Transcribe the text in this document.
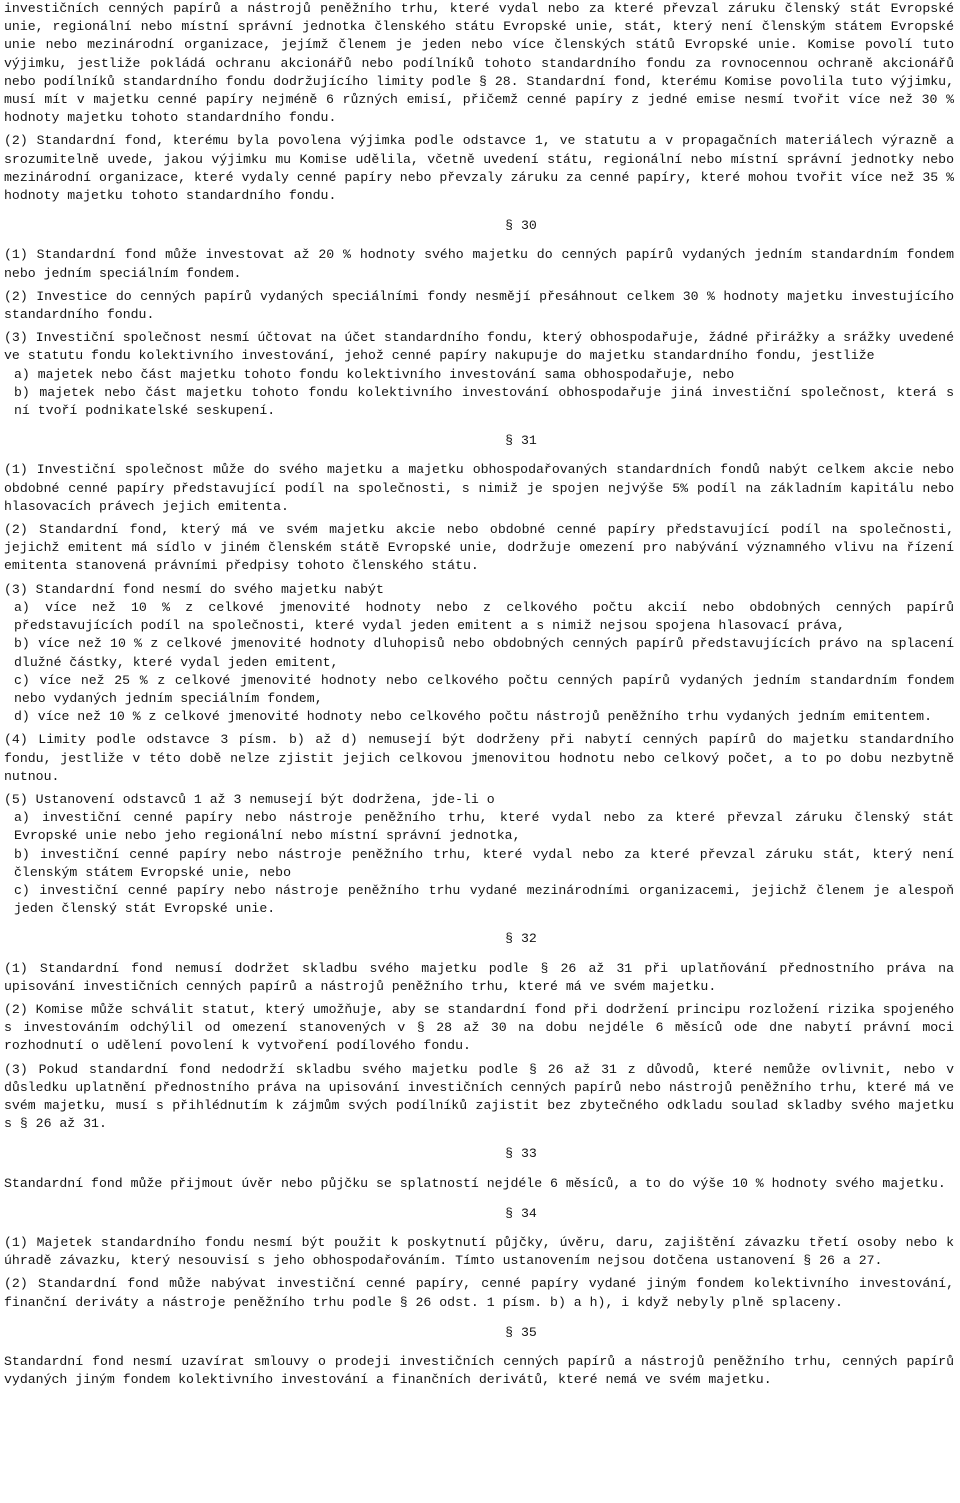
investičních cenných papírů a nástrojů peněžního trhu, které vydal nebo za které převzal záruku členský stát Evropské unie, regionální nebo místní správní jednotka členského státu Evropské unie, stát, který není členským státem Evropské unie nebo mezinárodní organizace, jejímž členem je jeden nebo více členských států Evropské unie. Komise povolí tuto výjimku, jestliže pokládá ochranu akcionářů nebo podílníků tohoto standardního fondu za rovnocennou ochraně akcionářů nebo podílníků standardního fondu dodržujícího limity podle § 28. Standardní fond, kterému Komise povolila tuto výjimku, musí mít v majetku cenné papíry nejméně 6 různých emisí, přičemž cenné papíry z jedné emise nesmí tvořit více než 30 % hodnoty majetku tohoto standardního fondu.

(2) Standardní fond, kterému byla povolena výjimka podle odstavce 1, ve statutu a v propagačních materiálech výrazně a srozumitelně uvede, jakou výjimku mu Komise udělila, včetně uvedení státu, regionální nebo místní správní jednotky nebo mezinárodní organizace, které vydaly cenné papíry nebo převzaly záruku za cenné papíry, které mohou tvořit více než 35 % hodnoty majetku tohoto standardního fondu.

§ 30

(1) Standardní fond může investovat až 20 % hodnoty svého majetku do cenných papírů vydaných jedním standardním fondem nebo jedním speciálním fondem.

(2) Investice do cenných papírů vydaných speciálními fondy nesmějí přesáhnout celkem 30 % hodnoty majetku investujícího standardního fondu.

(3) Investiční společnost nesmí účtovat na účet standardního fondu, který obhospodařuje, žádné přirážky a srážky uvedené ve statutu fondu kolektivního investování, jehož cenné papíry nakupuje do majetku standardního fondu, jestliže

a) majetek nebo část majetku tohoto fondu kolektivního investování sama obhospodařuje, nebo

b) majetek nebo část majetku tohoto fondu kolektivního investování obhospodařuje jiná investiční společnost, která s ní tvoří podnikatelské seskupení.

§ 31

(1) Investiční společnost může do svého majetku a majetku obhospodařovaných standardních fondů nabýt celkem akcie nebo obdobné cenné papíry představující podíl na společnosti, s nimiž je spojen nejvýše 5% podíl na základním kapitálu nebo hlasovacích právech jejich emitenta.

(2) Standardní fond, který má ve svém majetku akcie nebo obdobné cenné papíry představující podíl na společnosti, jejichž emitent má sídlo v jiném členském státě Evropské unie, dodržuje omezení pro nabývání významného vlivu na řízení emitenta stanovená právními předpisy tohoto členského státu.

(3) Standardní fond nesmí do svého majetku nabýt

a) více než 10 % z celkové jmenovité hodnoty nebo z celkového počtu akcií nebo obdobných cenných papírů představujících podíl na společnosti, které vydal jeden emitent a s nimiž nejsou spojena hlasovací práva,

b) více než 10 % z celkové jmenovité hodnoty dluhopisů nebo obdobných cenných papírů představujících právo na splacení dlužné částky, které vydal jeden emitent,

c) více než 25 % z celkové jmenovité hodnoty nebo celkového počtu cenných papírů vydaných jedním standardním fondem nebo vydaných jedním speciálním fondem,

d) více než 10 % z celkové jmenovité hodnoty nebo celkového počtu nástrojů peněžního trhu vydaných jedním emitentem.

(4) Limity podle odstavce 3 písm. b) až d) nemusejí být dodrženy při nabytí cenných papírů do majetku standardního fondu, jestliže v této době nelze zjistit jejich celkovou jmenovitou hodnotu nebo celkový počet, a to po dobu nezbytně nutnou.

(5) Ustanovení odstavců 1 až 3 nemusejí být dodržena, jde-li o

a) investiční cenné papíry nebo nástroje peněžního trhu, které vydal nebo za které převzal záruku členský stát Evropské unie nebo jeho regionální nebo místní správní jednotka,

b) investiční cenné papíry nebo nástroje peněžního trhu, které vydal nebo za které převzal záruku stát, který není členským státem Evropské unie, nebo

c) investiční cenné papíry nebo nástroje peněžního trhu vydané mezinárodními organizacemi, jejichž členem je alespoň jeden členský stát Evropské unie.

§ 32

(1) Standardní fond nemusí dodržet skladbu svého majetku podle § 26 až 31 při uplatňování přednostního práva na upisování investičních cenných papírů a nástrojů peněžního trhu, které má ve svém majetku.

(2) Komise může schválit statut, který umožňuje, aby se standardní fond při dodržení principu rozložení rizika spojeného s investováním odchýlil od omezení stanovených v § 28 až 30 na dobu nejdéle 6 měsíců ode dne nabytí právní moci rozhodnutí o udělení povolení k vytvoření podílového fondu.

(3) Pokud standardní fond nedodrží skladbu svého majetku podle § 26 až 31 z důvodů, které nemůže ovlivnit, nebo v důsledku uplatnění přednostního práva na upisování investičních cenných papírů nebo nástrojů peněžního trhu, které má ve svém majetku, musí s přihlédnutím k zájmům svých podílníků zajistit bez zbytečného odkladu soulad skladby svého majetku s § 26 až 31.

§ 33

Standardní fond může přijmout úvěr nebo půjčku se splatností nejdéle 6 měsíců, a to do výše 10 % hodnoty svého majetku.

§ 34

(1) Majetek standardního fondu nesmí být použit k poskytnutí půjčky, úvěru, daru, zajištění závazku třetí osoby nebo k úhradě závazku, který nesouvisí s jeho obhospodařováním. Tímto ustanovením nejsou dotčena ustanovení § 26 a 27.

(2) Standardní fond může nabývat investiční cenné papíry, cenné papíry vydané jiným fondem kolektivního investování, finanční deriváty a nástroje peněžního trhu podle § 26 odst. 1 písm. b) a h), i když nebyly plně splaceny.

§ 35

Standardní fond nesmí uzavírat smlouvy o prodeji investičních cenných papírů a nástrojů peněžního trhu, cenných papírů vydaných jiným fondem kolektivního investování a finančních derivátů, které nemá ve svém majetku.
